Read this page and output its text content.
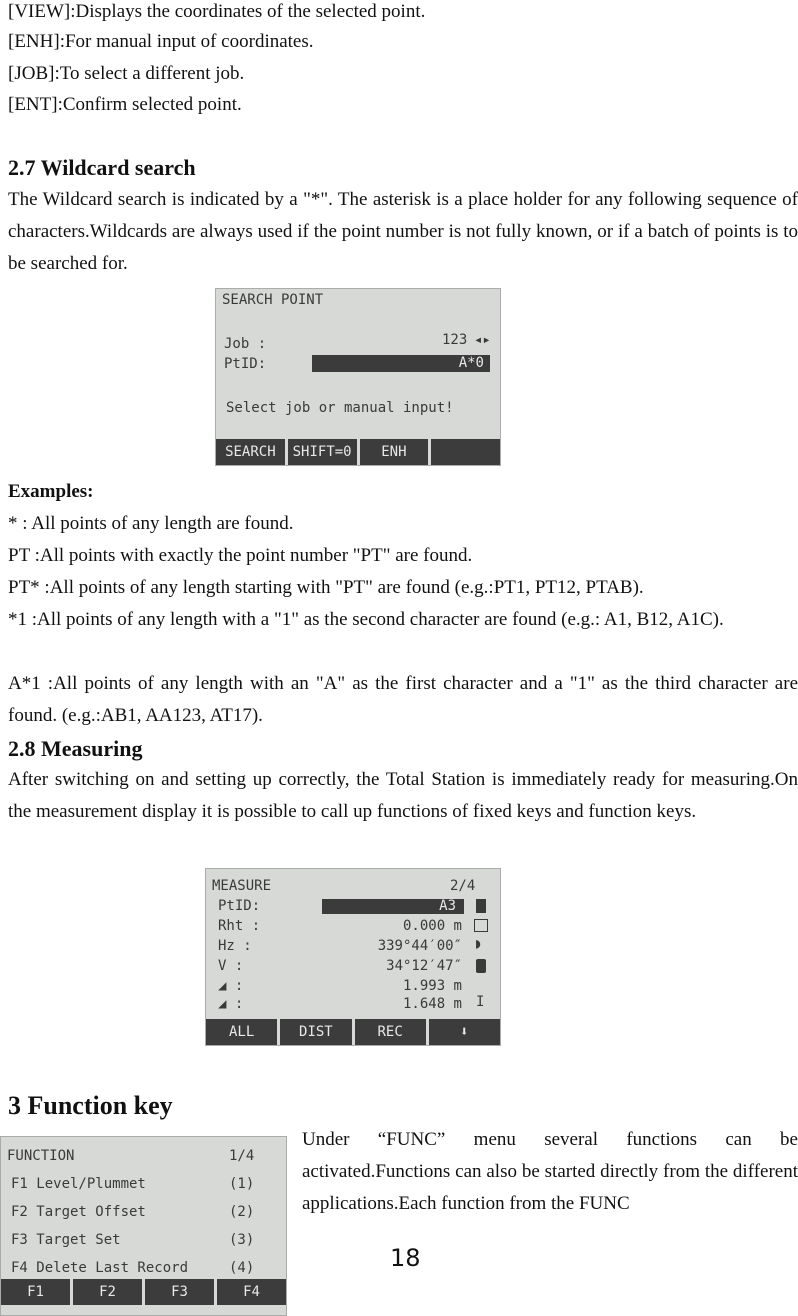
[VIEW]:Displays the coordinates of the selected point.
[ENH]:For manual input of coordinates.
[JOB]:To select a different job.
[ENT]:Confirm selected point.
2.7 Wildcard search
The Wildcard search is indicated by a "*". The asterisk is a place holder for any following sequence of characters.Wildcards are always used if the point number is not fully known, or if a batch of points is to be searched for.
SEARCH POINT
Job :	123 ◂▸
PtID:	A*0
Select job or manual input!
SEARCH	SHIFT=0	ENH
Examples:
* : All points of any length are found.
PT :All points with exactly the point number "PT" are found.
PT* :All points of any length starting with "PT" are found (e.g.:PT1, PT12, PTAB).
*1 :All points of any length with a "1" as the second character are found (e.g.: A1, B12, A1C).
A*1 :All points of any length with an "A" as the first character and a "1" as the third character are found. (e.g.:AB1, AA123, AT17).
2.8 Measuring
After switching on and setting up correctly, the Total Station is immediately ready for measuring.On the measurement display it is possible to call up functions of fixed keys and function keys.
MEASURE	2/4
PtID:	A3
Rht :	0.000 m
Hz :	339°44′00″
V :	34°12′47″
◢ :	1.993 m
◢ :	1.648 m
◗
I
ALL	DIST	REC	⬇
3 Function key
FUNCTION	1/4
F1 Level/Plummet	(1)
F2 Target Offset	(2)
F3 Target Set	(3)
F4 Delete Last Record	(4)
F1	F2	F3	F4
Under “FUNC” menu several functions can be activated.Functions can also be started directly from the different applications.Each function from the FUNC
18
